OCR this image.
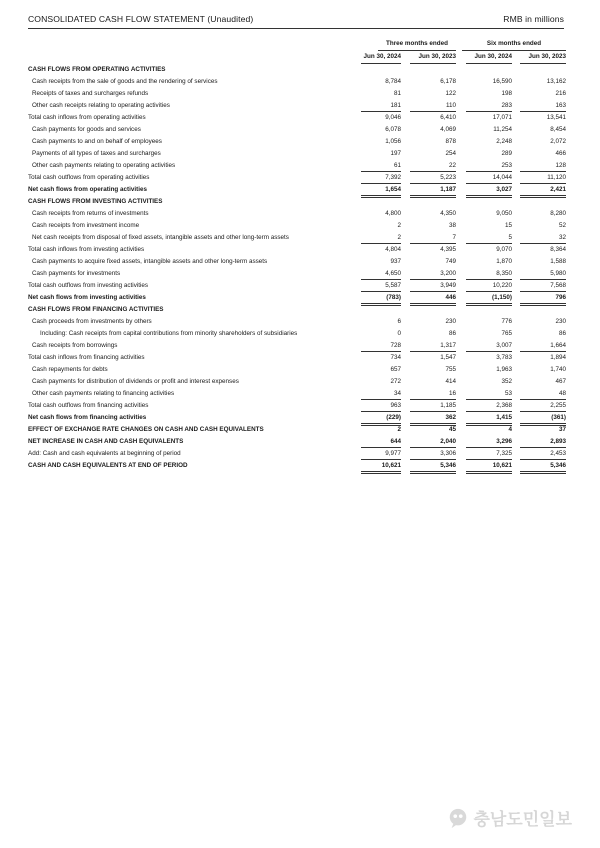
CONSOLIDATED CASH FLOW STATEMENT (Unaudited)	RMB in millions
Three months ended	Six months ended
Jun 30, 2024	Jun 30, 2023	Jun 30, 2024	Jun 30, 2023
CASH FLOWS FROM OPERATING ACTIVITIES
Cash receipts from the sale of goods and the rendering of services	8,784	6,178	16,590	13,162
Receipts of taxes and surcharges refunds	81	122	198	216
Other cash receipts relating to operating activities	181	110	283	163
Total cash inflows from operating activities	9,046	6,410	17,071	13,541
Cash payments for goods and services	6,078	4,069	11,254	8,454
Cash payments to and on behalf of employees	1,056	878	2,248	2,072
Payments of all types of taxes and surcharges	197	254	289	466
Other cash payments relating to operating activities	61	22	253	128
Total cash outflows from operating activities	7,392	5,223	14,044	11,120
Net cash flows from operating activities	1,654	1,187	3,027	2,421
CASH FLOWS FROM INVESTING ACTIVITIES
Cash receipts from returns of investments	4,800	4,350	9,050	8,280
Cash receipts from investment income	2	38	15	52
Net cash receipts from disposal of fixed assets, intangible assets and other long-term assets	2	7	5	32
Total cash inflows from investing activities	4,804	4,395	9,070	8,364
Cash payments to acquire fixed assets, intangible assets and other long-term assets	937	749	1,870	1,588
Cash payments for investments	4,650	3,200	8,350	5,980
Total cash outflows from investing activities	5,587	3,949	10,220	7,568
Net cash flows from investing activities	(783)	446	(1,150)	796
CASH FLOWS FROM FINANCING ACTIVITIES
Cash proceeds from investments by others	6	230	776	230
Including: Cash receipts from capital contributions from minority shareholders of subsidiaries	0	86	765	86
Cash receipts from borrowings	728	1,317	3,007	1,664
Total cash inflows from financing activities	734	1,547	3,783	1,894
Cash repayments for debts	657	755	1,963	1,740
Cash payments for distribution of dividends or profit and interest expenses	272	414	352	467
Other cash payments relating to financing activities	34	16	53	48
Total cash outflows from financing activities	963	1,185	2,368	2,255
Net cash flows from financing activities	(229)	362	1,415	(361)
EFFECT OF EXCHANGE RATE CHANGES ON CASH AND CASH EQUIVALENTS	2	45	4	37
NET INCREASE IN CASH AND CASH EQUIVALENTS	644	2,040	3,296	2,893
Add: Cash and cash equivalents at beginning of period	9,977	3,306	7,325	2,453
CASH AND CASH EQUIVALENTS AT END OF PERIOD	10,621	5,346	10,621	5,346
충남도민일보
